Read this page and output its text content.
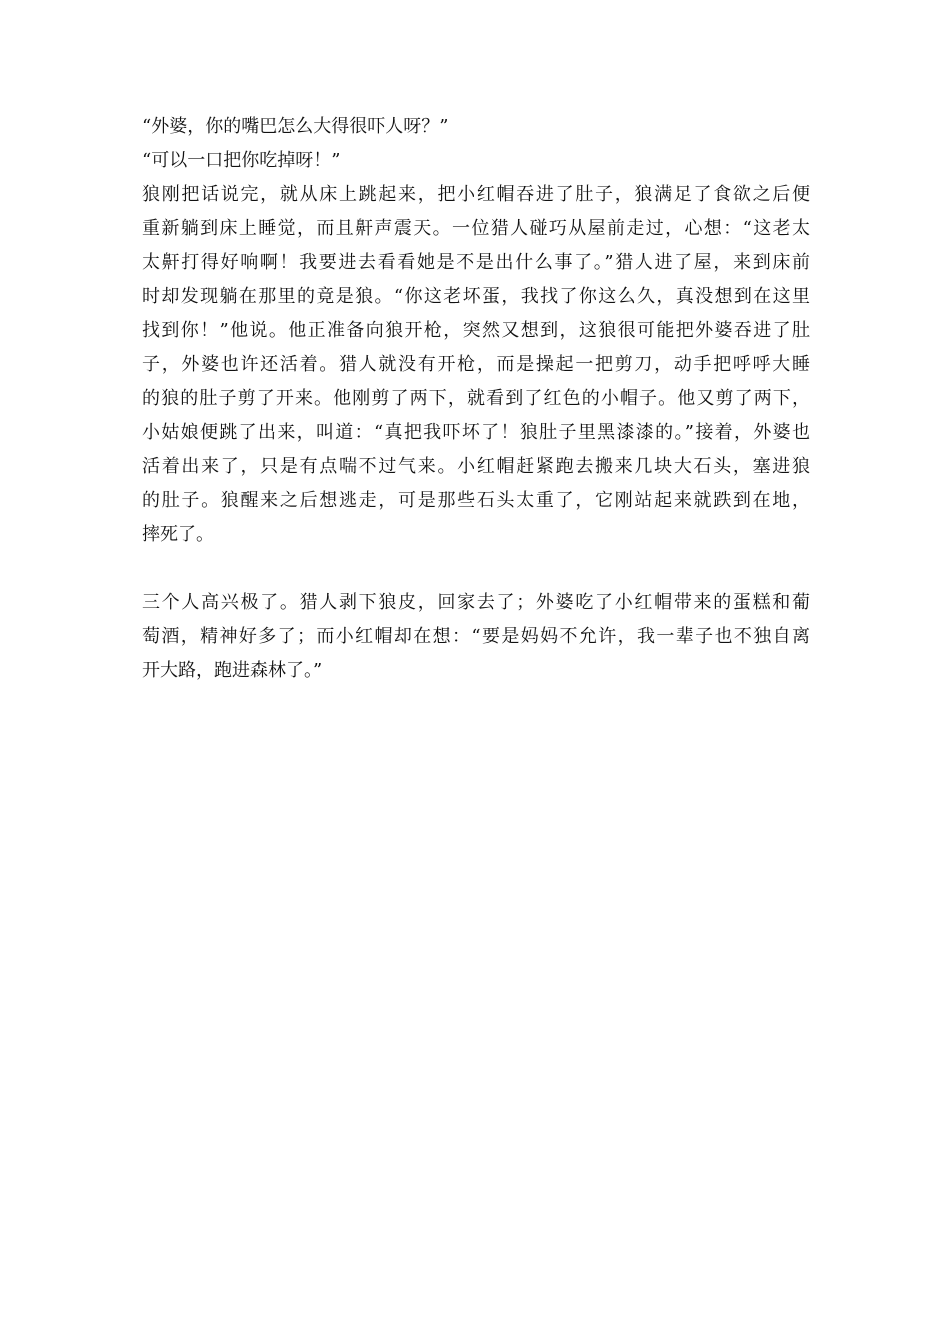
“外婆，你的嘴巴怎么大得很吓人呀？”
“可以一口把你吃掉呀！”
狼刚把话说完，就从床上跳起来，把小红帽吞进了肚子，狼满足了食欲之后便
重新躺到床上睡觉，而且鼾声震天。一位猎人碰巧从屋前走过，心想：“这老太
太鼾打得好响啊！我要进去看看她是不是出什么事了。”猎人进了屋，来到床前
时却发现躺在那里的竟是狼。“你这老坏蛋，我找了你这么久，真没想到在这里
找到你！”他说。他正准备向狼开枪，突然又想到，这狼很可能把外婆吞进了肚
子，外婆也许还活着。猎人就没有开枪，而是操起一把剪刀，动手把呼呼大睡
的狼的肚子剪了开来。他刚剪了两下，就看到了红色的小帽子。他又剪了两下，
小姑娘便跳了出来，叫道：“真把我吓坏了！狼肚子里黑漆漆的。”接着，外婆也
活着出来了，只是有点喘不过气来。小红帽赶紧跑去搬来几块大石头，塞进狼
的肚子。狼醒来之后想逃走，可是那些石头太重了，它刚站起来就跌到在地，
摔死了。
三个人高兴极了。猎人剥下狼皮，回家去了；外婆吃了小红帽带来的蛋糕和葡
萄酒，精神好多了；而小红帽却在想：“要是妈妈不允许，我一辈子也不独自离
开大路，跑进森林了。”
